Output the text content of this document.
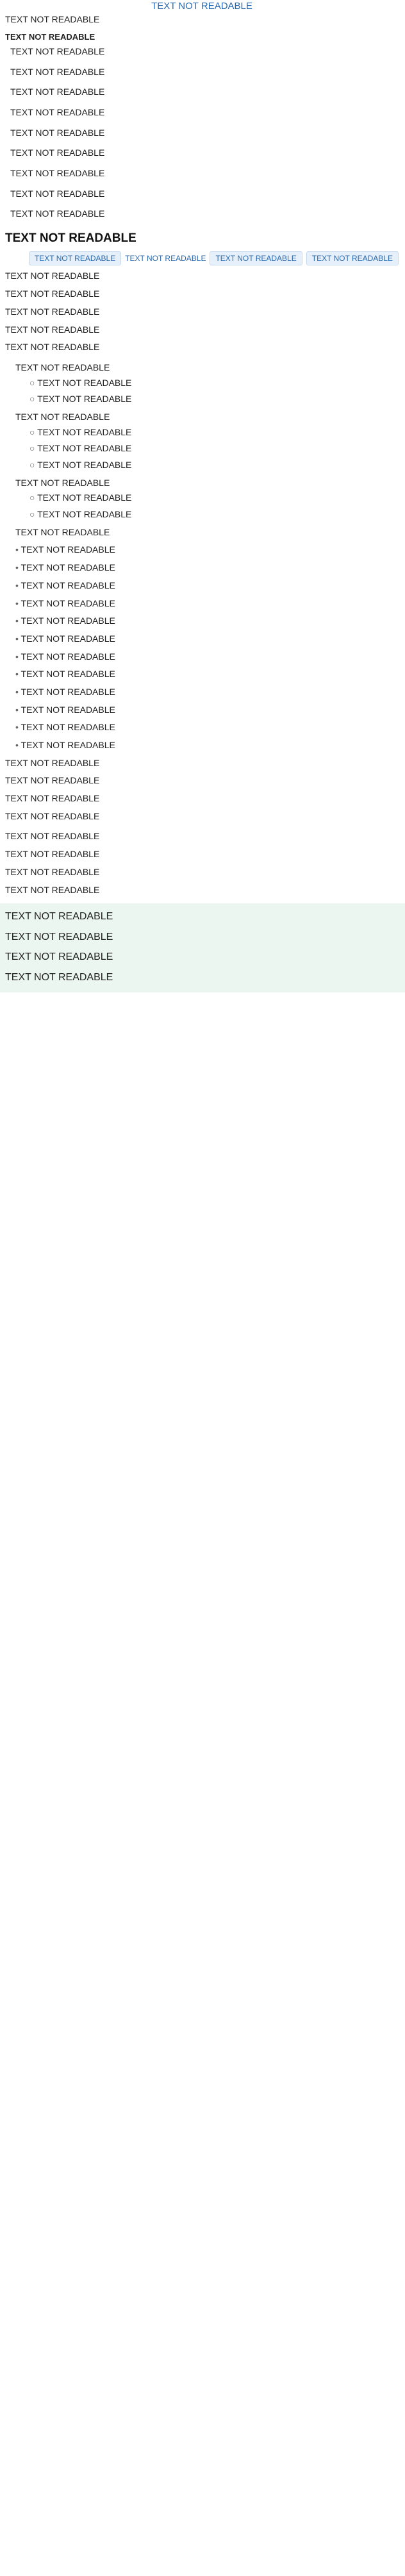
TEXT NOT READABLE
TEXT NOT READABLE
TEXT NOT READABLE
TEXT NOT READABLE
TEXT NOT READABLE
TEXT NOT READABLE
TEXT NOT READABLE
TEXT NOT READABLE
TEXT NOT READABLE
TEXT NOT READABLE
TEXT NOT READABLE
TEXT NOT READABLE
TEXT NOT READABLE
TEXT NOT READABLE	TEXT NOT READABLE	TEXT NOT READABLE	TEXT NOT READABLE

TEXT NOT READABLE

TEXT NOT READABLE

TEXT NOT READABLE

TEXT NOT READABLE

TEXT NOT READABLE

TEXT NOT READABLE
○ TEXT NOT READABLE
○ TEXT NOT READABLE
TEXT NOT READABLE
○ TEXT NOT READABLE
○ TEXT NOT READABLE
○ TEXT NOT READABLE
TEXT NOT READABLE
○ TEXT NOT READABLE
○ TEXT NOT READABLE
TEXT NOT READABLE
• TEXT NOT READABLE
• TEXT NOT READABLE
• TEXT NOT READABLE
• TEXT NOT READABLE
• TEXT NOT READABLE
• TEXT NOT READABLE
• TEXT NOT READABLE
• TEXT NOT READABLE
• TEXT NOT READABLE
• TEXT NOT READABLE
• TEXT NOT READABLE
• TEXT NOT READABLE

TEXT NOT READABLE

TEXT NOT READABLE

TEXT NOT READABLE

TEXT NOT READABLE

TEXT NOT READABLE

TEXT NOT READABLE

TEXT NOT READABLE

TEXT NOT READABLE

TEXT NOT READABLE

TEXT NOT READABLE

TEXT NOT READABLE

TEXT NOT READABLE
